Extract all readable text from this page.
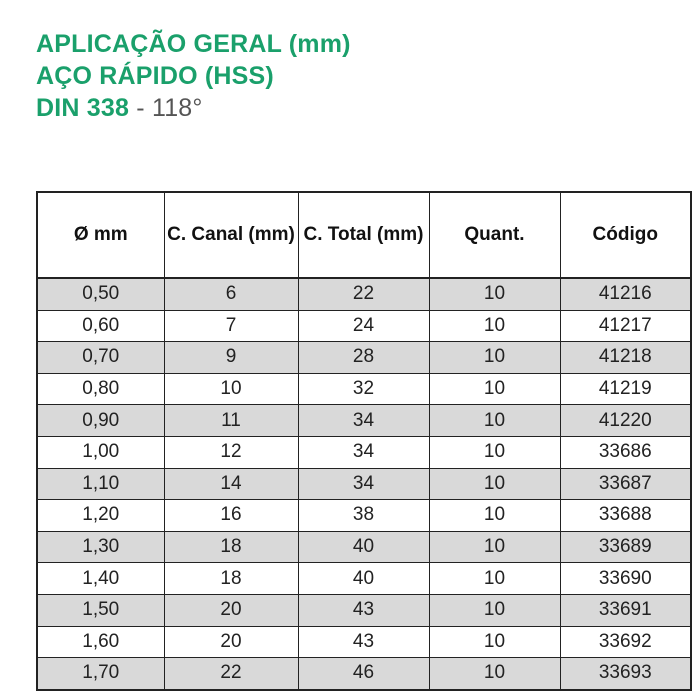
APLICAÇÃO GERAL (mm)
AÇO RÁPIDO (HSS)
DIN 338 - 118°
Ø mm	C. Canal (mm)	C. Total (mm)	Quant.	Código
0,50	6	22	10	41216
0,60	7	24	10	41217
0,70	9	28	10	41218
0,80	10	32	10	41219
0,90	11	34	10	41220
1,00	12	34	10	33686
1,10	14	34	10	33687
1,20	16	38	10	33688
1,30	18	40	10	33689
1,40	18	40	10	33690
1,50	20	43	10	33691
1,60	20	43	10	33692
1,70	22	46	10	33693
